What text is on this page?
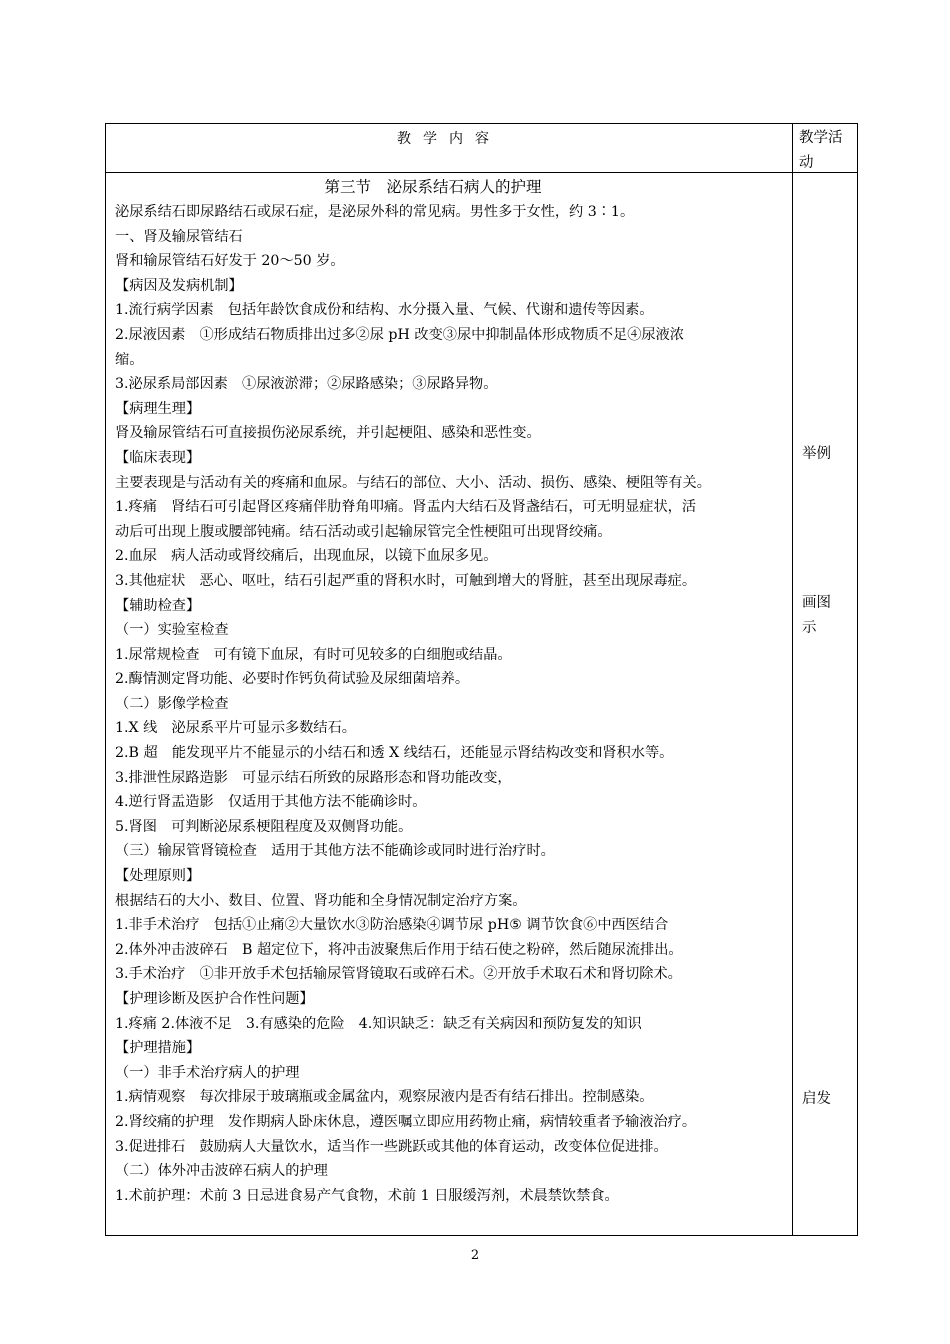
教学内容	教学活动
第三节　泌尿系结石病人的护理
泌尿系结石即尿路结石或尿石症，是泌尿外科的常见病。男性多于女性，约 3∶1。
一、肾及输尿管结石
肾和输尿管结石好发于 20～50 岁。
【病因及发病机制】
1.流行病学因素　包括年龄饮食成份和结构、水分摄入量、气候、代谢和遗传等因素。
2.尿液因素　①形成结石物质排出过多②尿 pH 改变③尿中抑制晶体形成物质不足④尿液浓
缩。
3.泌尿系局部因素　①尿液淤滞；②尿路感染；③尿路异物。
【病理生理】
肾及输尿管结石可直接损伤泌尿系统，并引起梗阻、感染和恶性变。
【临床表现】
主要表现是与活动有关的疼痛和血尿。与结石的部位、大小、活动、损伤、感染、梗阻等有关。
1.疼痛　肾结石可引起肾区疼痛伴肋脊角叩痛。肾盂内大结石及肾盏结石，可无明显症状，活
动后可出现上腹或腰部钝痛。结石活动或引起输尿管完全性梗阻可出现肾绞痛。
2.血尿　病人活动或肾绞痛后，出现血尿，以镜下血尿多见。
3.其他症状　恶心、呕吐，结石引起严重的肾积水时，可触到增大的肾脏，甚至出现尿毒症。
【辅助检查】
（一）实验室检查
1.尿常规检查　可有镜下血尿，有时可见较多的白细胞或结晶。
2.酶情测定肾功能、必要时作钙负荷试验及尿细菌培养。
（二）影像学检查
1.X 线　泌尿系平片可显示多数结石。
2.B 超　能发现平片不能显示的小结石和透 X 线结石，还能显示肾结构改变和肾积水等。
3.排泄性尿路造影　可显示结石所致的尿路形态和肾功能改变，
4.逆行肾盂造影　仅适用于其他方法不能确诊时。
5.肾图　可判断泌尿系梗阻程度及双侧肾功能。
（三）输尿管肾镜检查　适用于其他方法不能确诊或同时进行治疗时。
【处理原则】
根据结石的大小、数目、位置、肾功能和全身情况制定治疗方案。
1.非手术治疗　包括①止痛②大量饮水③防治感染④调节尿 pH⑤ 调节饮食⑥中西医结合
2.体外冲击波碎石　B 超定位下，将冲击波聚焦后作用于结石使之粉碎，然后随尿流排出。
3.手术治疗　①非开放手术包括输尿管肾镜取石或碎石术。②开放手术取石术和肾切除术。
【护理诊断及医护合作性问题】
1.疼痛 2.体液不足　3.有感染的危险　4.知识缺乏：缺乏有关病因和预防复发的知识
【护理措施】
（一）非手术治疗病人的护理
1.病情观察　每次排尿于玻璃瓶或金属盆内，观察尿液内是否有结石排出。控制感染。
2.肾绞痛的护理　发作期病人卧床休息，遵医嘱立即应用药物止痛，病情较重者予输液治疗。
3.促进排石　鼓励病人大量饮水，适当作一些跳跃或其他的体育运动，改变体位促进排。
（二）体外冲击波碎石病人的护理
1.术前护理：术前 3 日忌进食易产气食物，术前 1 日服缓泻剂，术晨禁饮禁食。
举例
画图
示
启发
2
